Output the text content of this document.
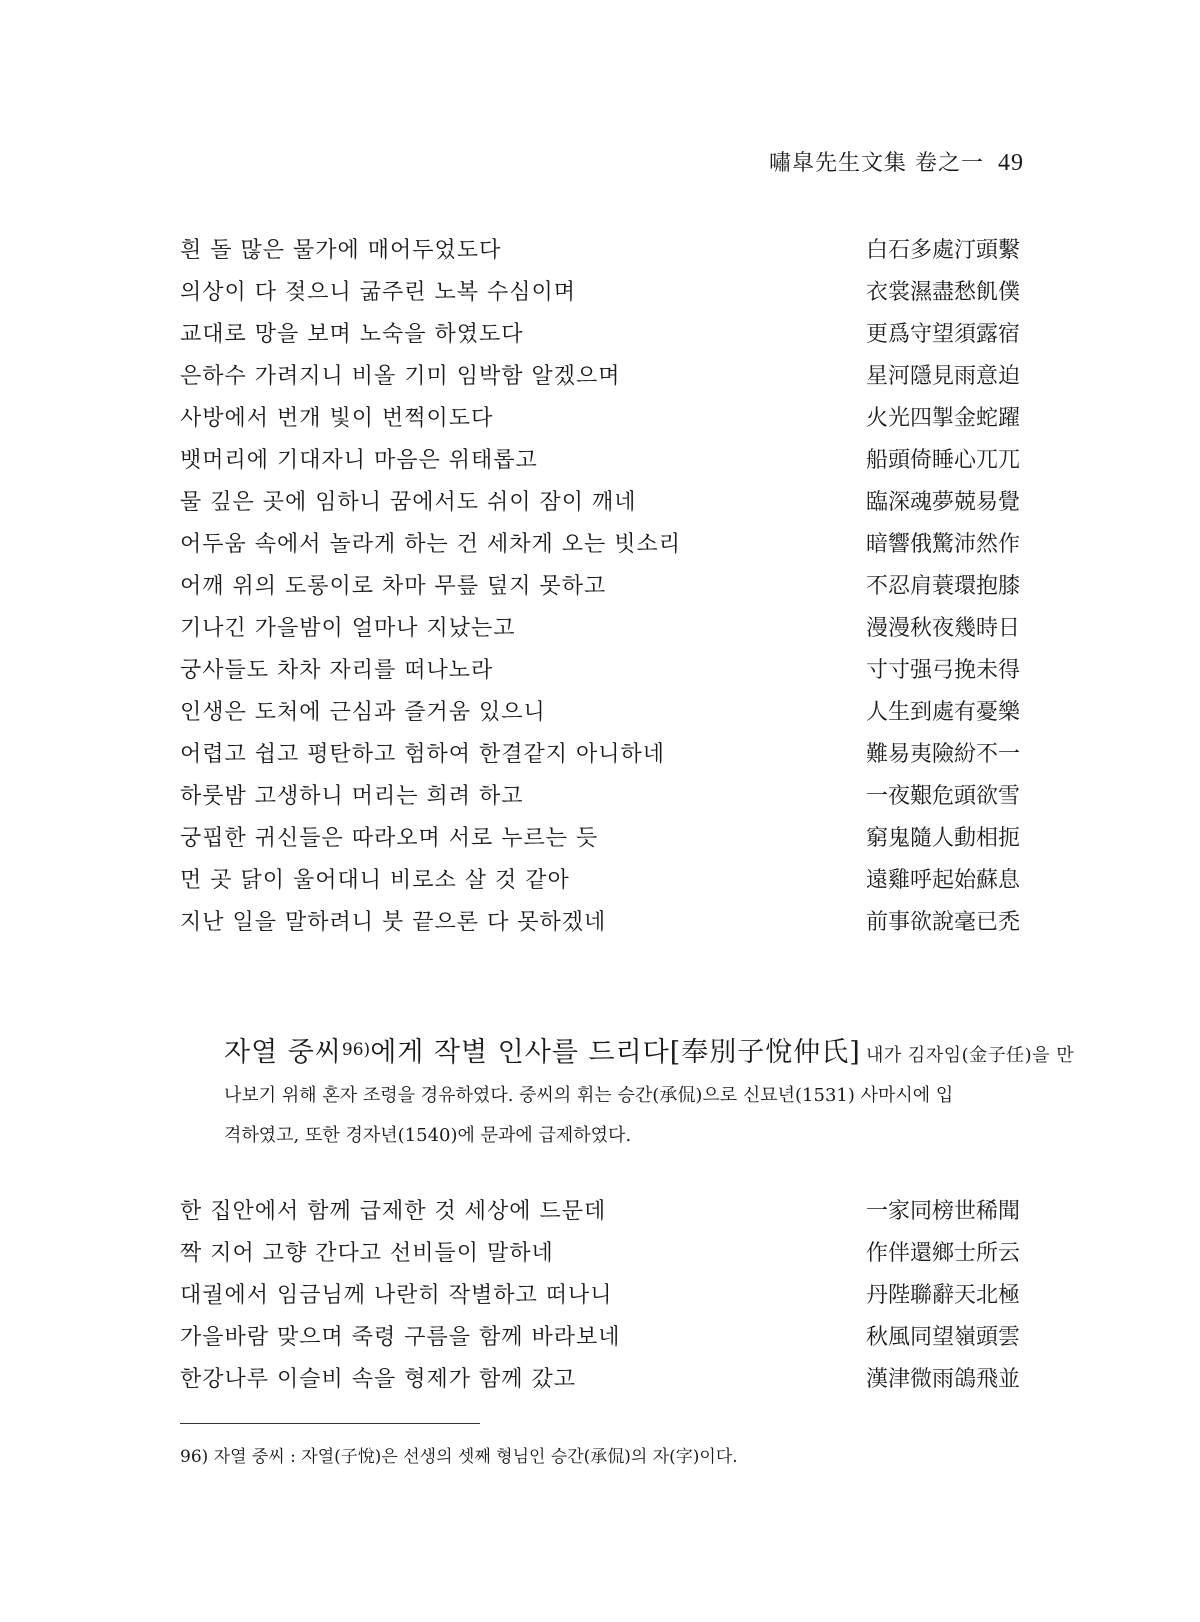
嘯皐先生文集 卷之一 49
흰 돌 많은 물가에 매어두었도다	白石多處汀頭繫
의상이 다 젖으니 굶주린 노복 수심이며	衣裳濕盡愁飢僕
교대로 망을 보며 노숙을 하였도다	更爲守望須露宿
은하수 가려지니 비올 기미 임박함 알겠으며	星河隱見雨意迫
사방에서 번개 빛이 번쩍이도다	火光四掣金蛇躍
뱃머리에 기대자니 마음은 위태롭고	船頭倚睡心兀兀
물 깊은 곳에 임하니 꿈에서도 쉬이 잠이 깨네	臨深魂夢兢易覺
어두움 속에서 놀라게 하는 건 세차게 오는 빗소리	暗響俄驚沛然作
어깨 위의 도롱이로 차마 무릎 덮지 못하고	不忍肩蓑環抱膝
기나긴 가을밤이 얼마나 지났는고	漫漫秋夜幾時日
궁사들도 차차 자리를 떠나노라	寸寸强弓挽未得
인생은 도처에 근심과 즐거움 있으니	人生到處有憂樂
어렵고 쉽고 평탄하고 험하여 한결같지 아니하네	難易夷險紛不一
하룻밤 고생하니 머리는 희려 하고	一夜艱危頭欲雪
궁핍한 귀신들은 따라오며 서로 누르는 듯	窮鬼隨人動相扼
먼 곳 닭이 울어대니 비로소 살 것 같아	遠雞呼起始蘇息
지난 일을 말하려니 붓 끝으론 다 못하겠네	前事欲說毫已禿
자열 중씨96)에게 작별 인사를 드리다[奉別子悅仲氏] 내가 김자임(金子任)을 만
나보기 위해 혼자 조령을 경유하였다. 중씨의 휘는 승간(承侃)으로 신묘년(1531) 사마시에 입
격하였고, 또한 경자년(1540)에 문과에 급제하였다.
한 집안에서 함께 급제한 것 세상에 드문데	一家同榜世稀聞
짝 지어 고향 간다고 선비들이 말하네	作伴還鄉士所云
대궐에서 임금님께 나란히 작별하고 떠나니	丹陛聯辭天北極
가을바람 맞으며 죽령 구름을 함께 바라보네	秋風同望嶺頭雲
한강나루 이슬비 속을 형제가 함께 갔고	漢津微雨鴿飛並
96) 자열 중씨 : 자열(子悅)은 선생의 셋째 형님인 승간(承侃)의 자(字)이다.
